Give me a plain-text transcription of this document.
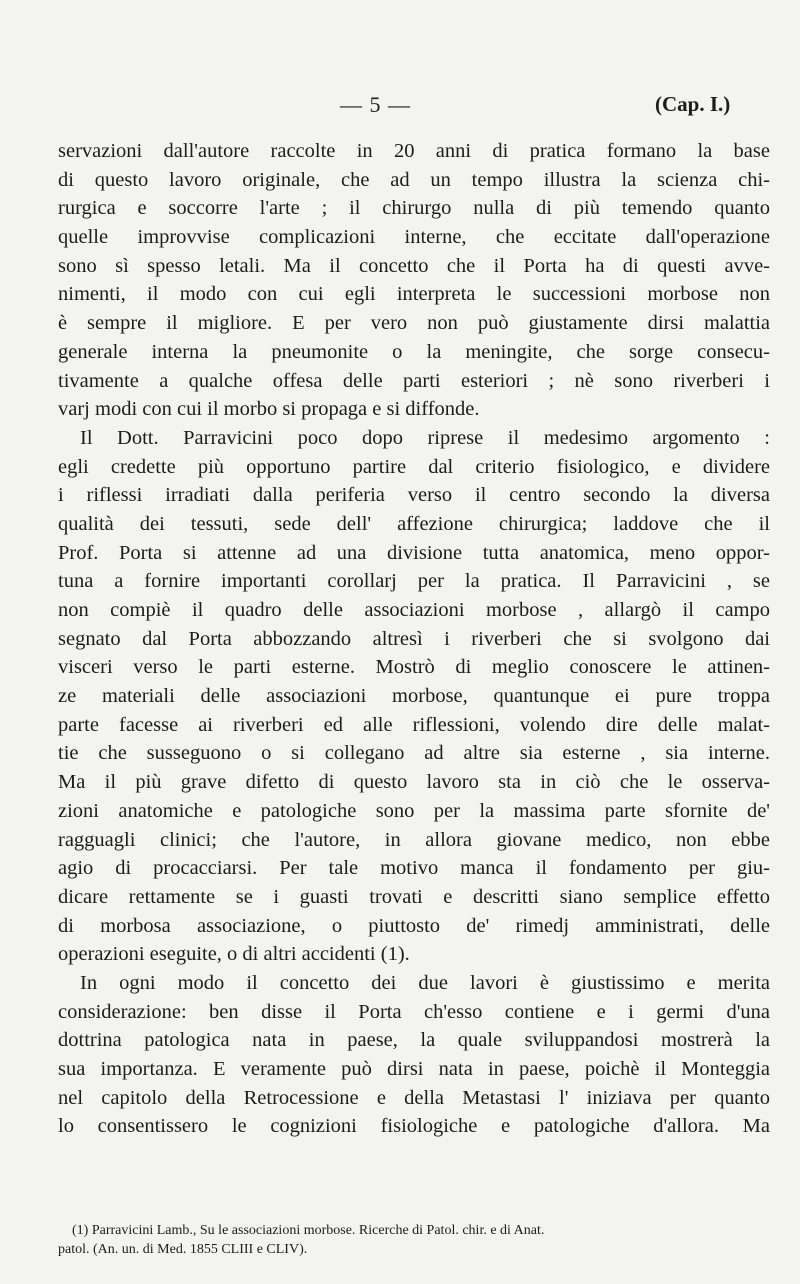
— 5 —	(Cap. I.)
servazioni dall'autore raccolte in 20 anni di pratica formano la base
di questo lavoro originale, che ad un tempo illustra la scienza chi-
rurgica e soccorre l'arte ; il chirurgo nulla di più temendo quanto
quelle improvvise complicazioni interne, che eccitate dall'operazione
sono sì spesso letali. Ma il concetto che il Porta ha di questi avve-
nimenti, il modo con cui egli interpreta le successioni morbose non
è sempre il migliore. E per vero non può giustamente dirsi malattia
generale interna la pneumonite o la meningite, che sorge consecu-
tivamente a qualche offesa delle parti esteriori ; nè sono riverberi i
varj modi con cui il morbo si propaga e si diffonde.
Il Dott. Parravicini poco dopo riprese il medesimo argomento :
egli credette più opportuno partire dal criterio fisiologico, e dividere
i riflessi irradiati dalla periferia verso il centro secondo la diversa
qualità dei tessuti, sede dell' affezione chirurgica; laddove che il
Prof. Porta si attenne ad una divisione tutta anatomica, meno oppor-
tuna a fornire importanti corollarj per la pratica. Il Parravicini , se
non compiè il quadro delle associazioni morbose , allargò il campo
segnato dal Porta abbozzando altresì i riverberi che si svolgono dai
visceri verso le parti esterne. Mostrò di meglio conoscere le attinen-
ze materiali delle associazioni morbose, quantunque ei pure troppa
parte facesse ai riverberi ed alle riflessioni, volendo dire delle malat-
tie che susseguono o si collegano ad altre sia esterne , sia interne.
Ma il più grave difetto di questo lavoro sta in ciò che le osserva-
zioni anatomiche e patologiche sono per la massima parte sfornite de'
ragguagli clinici; che l'autore, in allora giovane medico, non ebbe
agio di procacciarsi. Per tale motivo manca il fondamento per giu-
dicare rettamente se i guasti trovati e descritti siano semplice effetto
di morbosa associazione, o piuttosto de' rimedj amministrati, delle
operazioni eseguite, o di altri accidenti (1).
In ogni modo il concetto dei due lavori è giustissimo e merita
considerazione: ben disse il Porta ch'esso contiene e i germi d'una
dottrina patologica nata in paese, la quale sviluppandosi mostrerà la
sua importanza. E veramente può dirsi nata in paese, poichè il Monteggia
nel capitolo della Retrocessione e della Metastasi l' iniziava per quanto
lo consentissero le cognizioni fisiologiche e patologiche d'allora. Ma
(1) Parravicini Lamb., Su le associazioni morbose. Ricerche di Patol. chir. e di Anat.
patol. (An. un. di Med. 1855 CLIII e CLIV).
